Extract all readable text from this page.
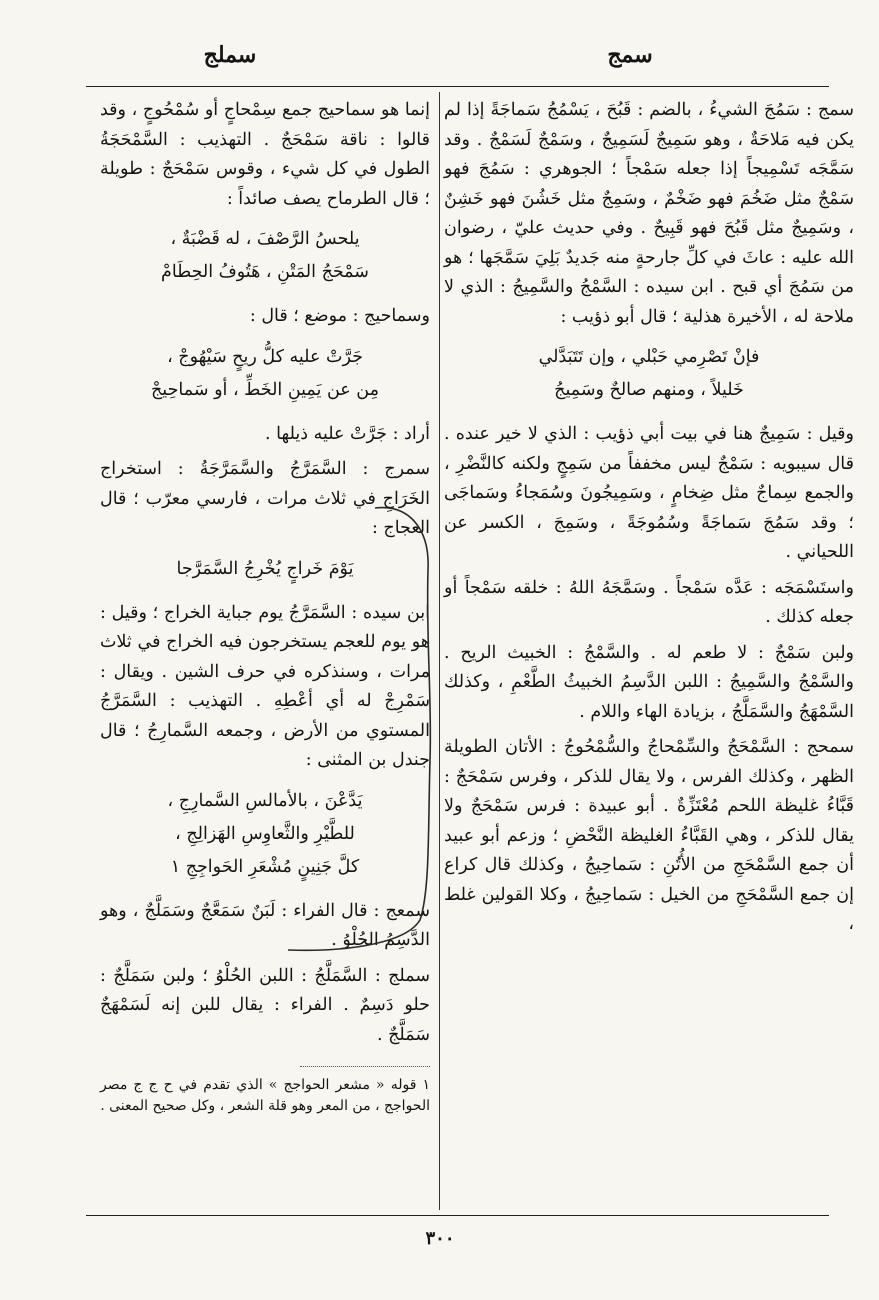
سمج
سملج

سمج : سَمُجَ الشيءُ ، بالضم : قَبُحَ ، يَسْمُجُ سَماجَةً إذا لم يكن فيه مَلاحَةٌ ، وهو سَمِيجٌ لَسَمِيجٌ ، وسَمْجٌ لَسَمْجٌ . وقد سَمَّجَه تَسْمِيجاً إذا جعله سَمْجاً ؛ الجوهري : سَمُجَ فهو سَمْجٌ مثل ضَخُمَ فهو ضَخْمٌ ، وسَمِجٌ مثل خَشُنَ فهو خَشِنٌ ، وسَمِيجٌ مثل قَبُحَ فهو قَبِيحٌ . وفي حديث عليّ ، رضوان الله عليه : عاثَ في كلِّ جارحةٍ منه جَديدٌ بَلِيَ سَمَّجَها ؛ هو من سَمُجَ أي قبح . ابن سيده : السَّمْجُ والسَّمِيجُ : الذي لا ملاحة له ، الأخيرة هذلية ؛ قال أبو ذؤيب :

فإنْ تَصْرِمي حَبْلي ، وإن تَتَبَدَّلي
خَليلاً ، ومنهم صالحٌ وسَمِيجُ

وقيل : سَمِيجٌ هنا في بيت أبي ذؤيب : الذي لا خير عنده . قال سيبويه : سَمْجٌ ليس مخففاً من سَمِجٍ ولكنه كالنَّضْرِ ، والجمع سِماجٌ مثل ضِخامٍ ، وسَمِيجُونَ وسُمَجاءُ وسَماجَى ؛ وقد سَمُجَ سَماجَةً وسُمُوجَةً ، وسَمِجَ ، الكسر عن اللحياني .

واستَسْمَجَه : عَدَّه سَمْجاً . وسَمَّجَهُ اللهُ : خلقه سَمْجاً أو جعله كذلك .

ولبن سَمْجٌ : لا طعم له . والسَّمْجُ : الخبيث الريح . والسَّمْجُ والسَّمِيجُ : اللبن الدَّسِمُ الخبيثُ الطَّعْمِ ، وكذلك السَّمْهَجُ والسَّمَلَّجُ ، بزيادة الهاء واللام .

سمحج : السَّمْحَجُ والسِّمْحاجُ والسُّمْحُوجُ : الأتان الطويلة الظهر ، وكذلك الفرس ، ولا يقال للذكر ، وفرس سَمْحَجٌ : قَبَّاءُ غليظة اللحم مُعْتَزِّةٌ . أبو عبيدة : فرس سَمْحَجٌ ولا يقال للذكر ، وهي القَبَّاءُ الغليظة النَّحْضِ ؛ وزعم أبو عبيد أن جمع السَّمْحَجِ من الأُتُنِ : سَماحِيجُ ، وكذلك قال كراع إن جمع السَّمْحَجِ من الخيل : سَماحِيجُ ، وكلا القولين غلط ،

إنما هو سماحيج جمع سِمْحاجٍ أو سُمْحُوجٍ ، وقد قالوا : ناقة سَمْحَجٌ . التهذيب : السَّمْحَجَةُ الطول في كل شيء ، وقوس سَمْحَجٌ : طويلة ؛ قال الطرماح يصف صائداً :

يلحسُ الرَّصْفَ ، له قَضْبَةٌ ،
سَمْحَجُ المَتْنِ ، هَتُوفُ الحِطَامْ

وسماحيج : موضع ؛ قال :

جَرَّتْ عليه كلُّ ريحٍ سَيْهُوجْ ،
مِن عن يَمِينِ الخَطِّ ، أو سَماحِيجْ

أراد : جَرَّتْ عليه ذيلها .

سمرج : السَّمَرَّجُ والسَّمَرَّجَةُ : استخراج الخَرَاجِ في ثلاث مرات ، فارسي معرّب ؛ قال العجاج :

يَوْمَ خَراجٍ يُخْرِجُ السَّمَرَّجا

ابن سيده : السَّمَرَّجُ يوم جباية الخراج ؛ وقيل : هو يوم للعجم يستخرجون فيه الخراج في ثلاث مرات ، وسنذكره في حرف الشين . ويقال : سَمْرِجْ له أي أعْطِهِ . التهذيب : السَّمَرَّجُ المستوي من الأرض ، وجمعه السَّمارِجُ ؛ قال جندل بن المثنى :

يَدَّعْنَ ، بالأمالسِ السَّمارِجِ ،
للطَّيْرِ والثَّعاوِسِ الهَزالِجِ ،
كلَّ جَنِينٍ مُشْعَرِ الحَواجِجِ ١

سمعج : قال الفراء : لَبَنٌ سَمَعَّجٌ وسَمَلَّجٌ ، وهو الدَّسِمُ الحُلْوُ .

سملج : السَّمَلَّجُ : اللبن الحُلْوُ ؛ ولبن سَمَلَّجٌ : حلو دَسِمٌ . الفراء : يقال للبن إنه لَسَمْهَجٌ سَمَلَّجٌ .

١ قوله « مشعر الحواجج » الذي تقدم في ح ج ج مصر الحواجج ، من المعر وهو قلة الشعر ، وكل صحيح المعنى .
٣٠٠
